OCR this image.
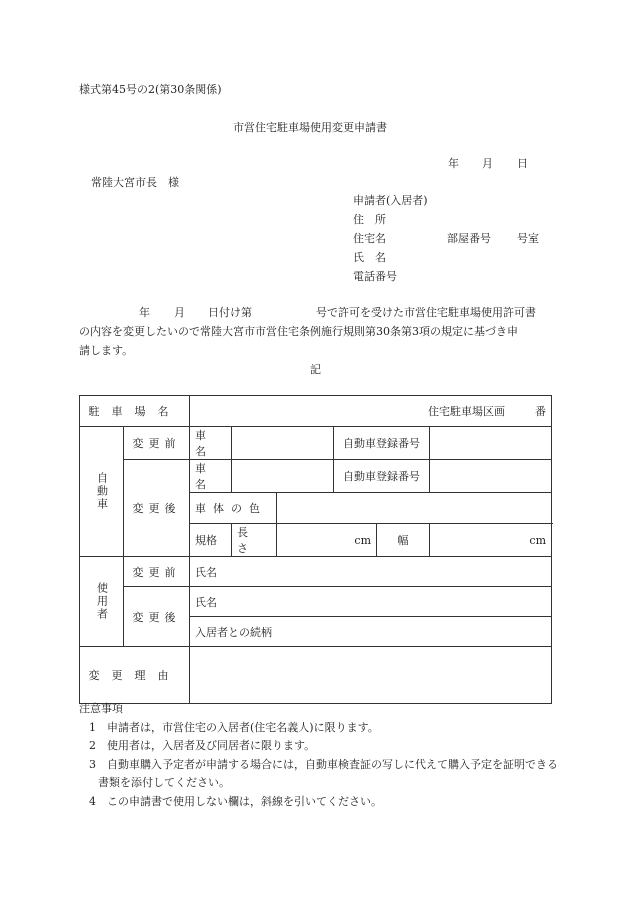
様式第45号の2(第30条関係)
市営住宅駐車場使用変更申請書
年 月 日
常陸大宮市長　様
申請者(入居者)
住　所
住宅名	部屋番号 号室
氏　名
電話番号
年 月 日付け第	号で許可を受けた市営住宅駐車場使用許可書
の内容を変更したいので常陸大宮市市営住宅条例施行規則第30条第3項の規定に基づき申
請します。
記
駐車場名		住宅駐車場区画 番					

自動車	変更前	車名			自動車登録番号		
	変更後	車名			自動車登録番号		
		車体の色					
		規格	長さ	cm		幅	cm

使用者	変更前	氏名					
	変更後	氏名					
		入居者との続柄					
変更理由							
注意事項
1　申請者は，市営住宅の入居者(住宅名義人)に限ります。
2　使用者は，入居者及び同居者に限ります。
3　自動車購入予定者が申請する場合には，自動車検査証の写しに代えて購入予定を証明できる書類を添付してください。
4　この申請書で使用しない欄は，斜線を引いてください。
